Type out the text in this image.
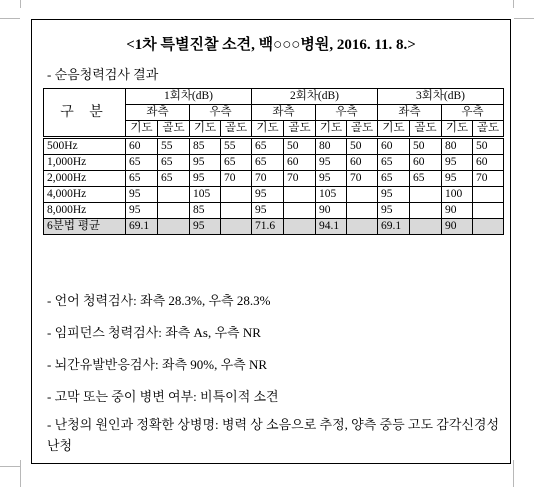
<1차 특별진찰 소견, 백○○○병원, 2016. 11. 8.>
- 순음청력검사 결과
구 분	1회차(dB)				2회차(dB)				3회차(dB)			
	좌측		우측		좌측		우측		좌측		우측	
	기도	골도	기도	골도	기도	골도	기도	골도	기도	골도	기도	골도
500Hz	60	55	85	55	65	50	80	50	60	50	80	50
1,000Hz	65	65	95	65	65	60	95	60	65	60	95	60
2,000Hz	65	65	95	70	70	70	95	70	65	65	95	70
4,000Hz	95		105		95		105		95		100	
8,000Hz	95		85		95		90		95		90	
6분법 평균	69.1		95		71.6		94.1		69.1		90	
- 언어 청력검사: 좌측 28.3%, 우측 28.3%
- 임피던스 청력검사: 좌측 As, 우측 NR
- 뇌간유발반응검사: 좌측 90%, 우측 NR
- 고막 또는 중이 병변 여부: 비특이적 소견
- 난청의 원인과 정확한 상병명: 병력 상 소음으로 추정, 양측 중등 고도 감각신경성 난청
